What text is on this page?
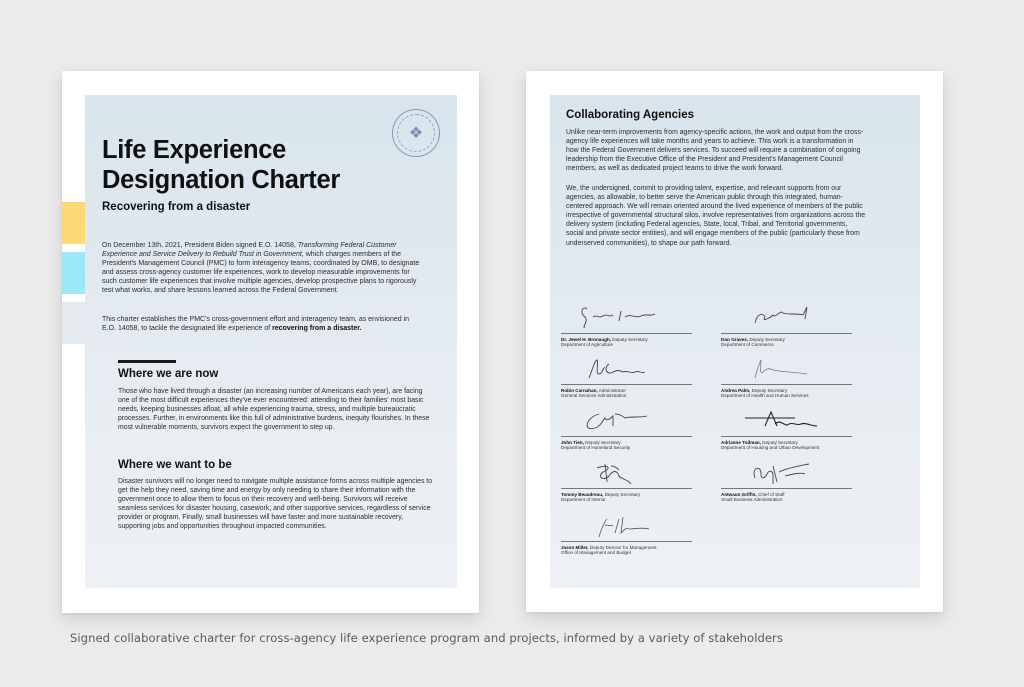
❖
Life Experience
Designation Charter
Recovering from a disaster

On December 13th, 2021, President Biden signed E.O. 14058, Transforming Federal Customer Experience and Service Delivery to Rebuild Trust in Government, which charges members of the President's Management Council (PMC) to form interagency teams, coordinated by OMB, to designate and assess cross-agency customer life experiences, work to develop measurable improvements for such customer life experiences that involve multiple agencies, develop prospective plans to rigorously test what works, and share lessons learned across the Federal Government.

This charter establishes the PMC's cross-government effort and interagency team, as envisioned in E.O. 14058, to tackle the designated life experience of recovering from a disaster.

Where we are now

Those who have lived through a disaster (an increasing number of Americans each year), are facing one of the most difficult experiences they've ever encountered: attending to their families' most basic needs, keeping businesses afloat, all while experiencing trauma, stress, and multiple bureaucratic processes. Further, in environments like this full of administrative burdens, inequity flourishes. In these most vulnerable moments, survivors expect the government to step up.

Where we want to be

Disaster survivors will no longer need to navigate multiple assistance forms across multiple agencies to get the help they need, saving time and energy by only needing to share their information with the government once to allow them to focus on their recovery and well-being. Survivors will receive seamless services for disaster housing, casework, and other supportive services, regardless of service provider or program. Finally, small businesses will have faster and more sustainable recovery, supporting jobs and opportunities throughout impacted communities.

Collaborating Agencies

Unlike near-term improvements from agency-specific actions, the work and output from the cross-agency life experiences will take months and years to achieve. This work is a transformation in how the Federal Government delivers services. To succeed will require a combination of ongoing leadership from the Executive Office of the President and President's Management Council members, as well as dedicated project teams to drive the work forward.

We, the undersigned, commit to providing talent, expertise, and relevant supports from our agencies, as allowable, to better serve the American public through this integrated, human-centered approach. We will remain oriented around the lived experience of members of the public irrespective of governmental structural silos, involve representatives from organizations across the delivery system (including Federal agencies, State, local, Tribal, and Territorial governments, social and private sector entities), and will engage members of the public (particularly those from underserved communities), to shape our path forward.

Dr. Jewel H. Bronaugh, Deputy Secretary
Department of Agriculture
Don Graves, Deputy Secretary
Department of Commerce
Robin Carnahan, Administrator
General Services Administration
Andrea Palm, Deputy Secretary
Department of Health and Human Services
John Tien, Deputy Secretary
Department of Homeland Security
Adrianne Todman, Deputy Secretary
Department of Housing and Urban Development
Tommy Beaudreau, Deputy Secretary
Department of Interior
Antwaun Griffin, Chief of Staff
Small Business Administration
Jason Miller, Deputy Director for Management
Office of Management and Budget

Signed collaborative charter for cross-agency life experience program and projects, informed by a variety of stakeholders
